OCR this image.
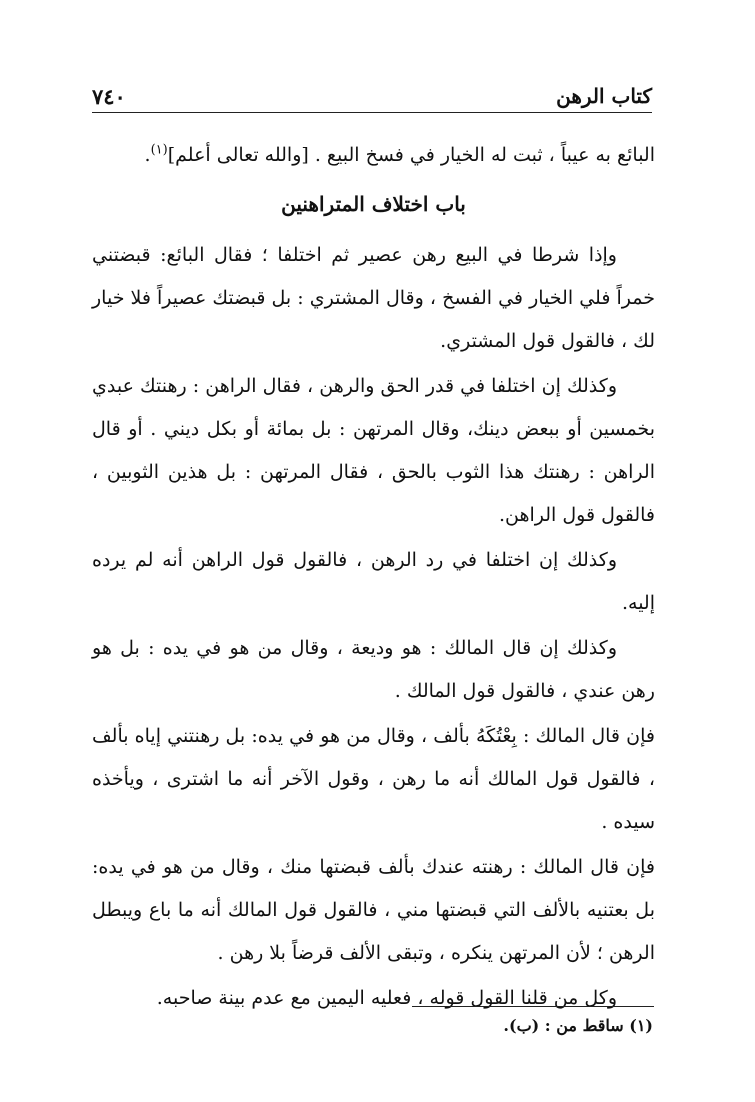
كتاب الرهن
٧٤٠

البائع به عيباً ، ثبت له الخيار في فسخ البيع . [والله تعالى أعلم]$^{(١)}$.

باب اختلاف المتراهنين

وإذا شرطا في البيع رهن عصير ثم اختلفا ؛ فقال البائع: قبضتني خمراً فلي الخيار في الفسخ ، وقال المشتري : بل قبضتك عصيراً فلا خيار لك ، فالقول قول المشتري.

وكذلك إن اختلفا في قدر الحق والرهن ، فقال الراهن : رهنتك عبدي بخمسين أو ببعض دينك، وقال المرتهن : بل بمائة أو بكل ديني . أو قال الراهن : رهنتك هذا الثوب بالحق ، فقال المرتهن : بل هذين الثوبين ، فالقول قول الراهن.

وكذلك إن اختلفا في رد الرهن ، فالقول قول الراهن أنه لم يرده إليه.

وكذلك إن قال المالك : هو وديعة ، وقال من هو في يده : بل هو رهن عندي ، فالقول قول المالك .

فإن قال المالك : بِعْتُكَهُ بألف ، وقال من هو في يده: بل رهنتني إياه بألف ، فالقول قول المالك أنه ما رهن ، وقول الآخر أنه ما اشترى ، ويأخذه سيده .

فإن قال المالك : رهنته عندك بألف قبضتها منك ، وقال من هو في يده: بل بعتنيه بالألف التي قبضتها مني ، فالقول قول المالك أنه ما باع ويبطل الرهن ؛ لأن المرتهن ينكره ، وتبقى الألف قرضاً بلا رهن .

وكل من قلنا القول قوله ، فعليه اليمين مع عدم بينة صاحبه.

(١) ساقط من : (ب).
